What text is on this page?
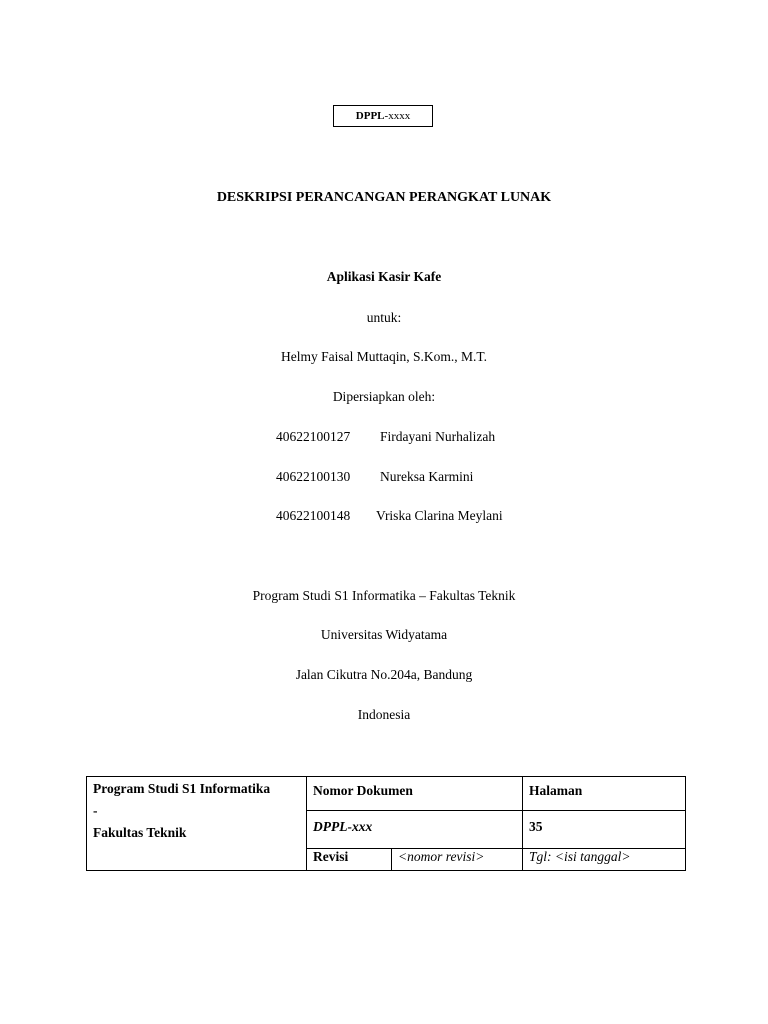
DPPL-xxxx
DESKRIPSI PERANCANGAN PERANGKAT LUNAK
Aplikasi Kasir Kafe
untuk:
Helmy Faisal Muttaqin, S.Kom., M.T.
Dipersiapkan oleh:
40622100127 Firdayani Nurhalizah
40622100130 Nureksa Karmini
40622100148 Vriska Clarina Meylani
Program Studi S1 Informatika – Fakultas Teknik
Universitas Widyatama
Jalan Cikutra No.204a, Bandung
Indonesia
Program Studi S1 Informatika
-
Fakultas Teknik	Nomor Dokumen		Halaman
	DPPL-xxx		35
	Revisi	<nomor revisi>	Tgl: <isi tanggal>
